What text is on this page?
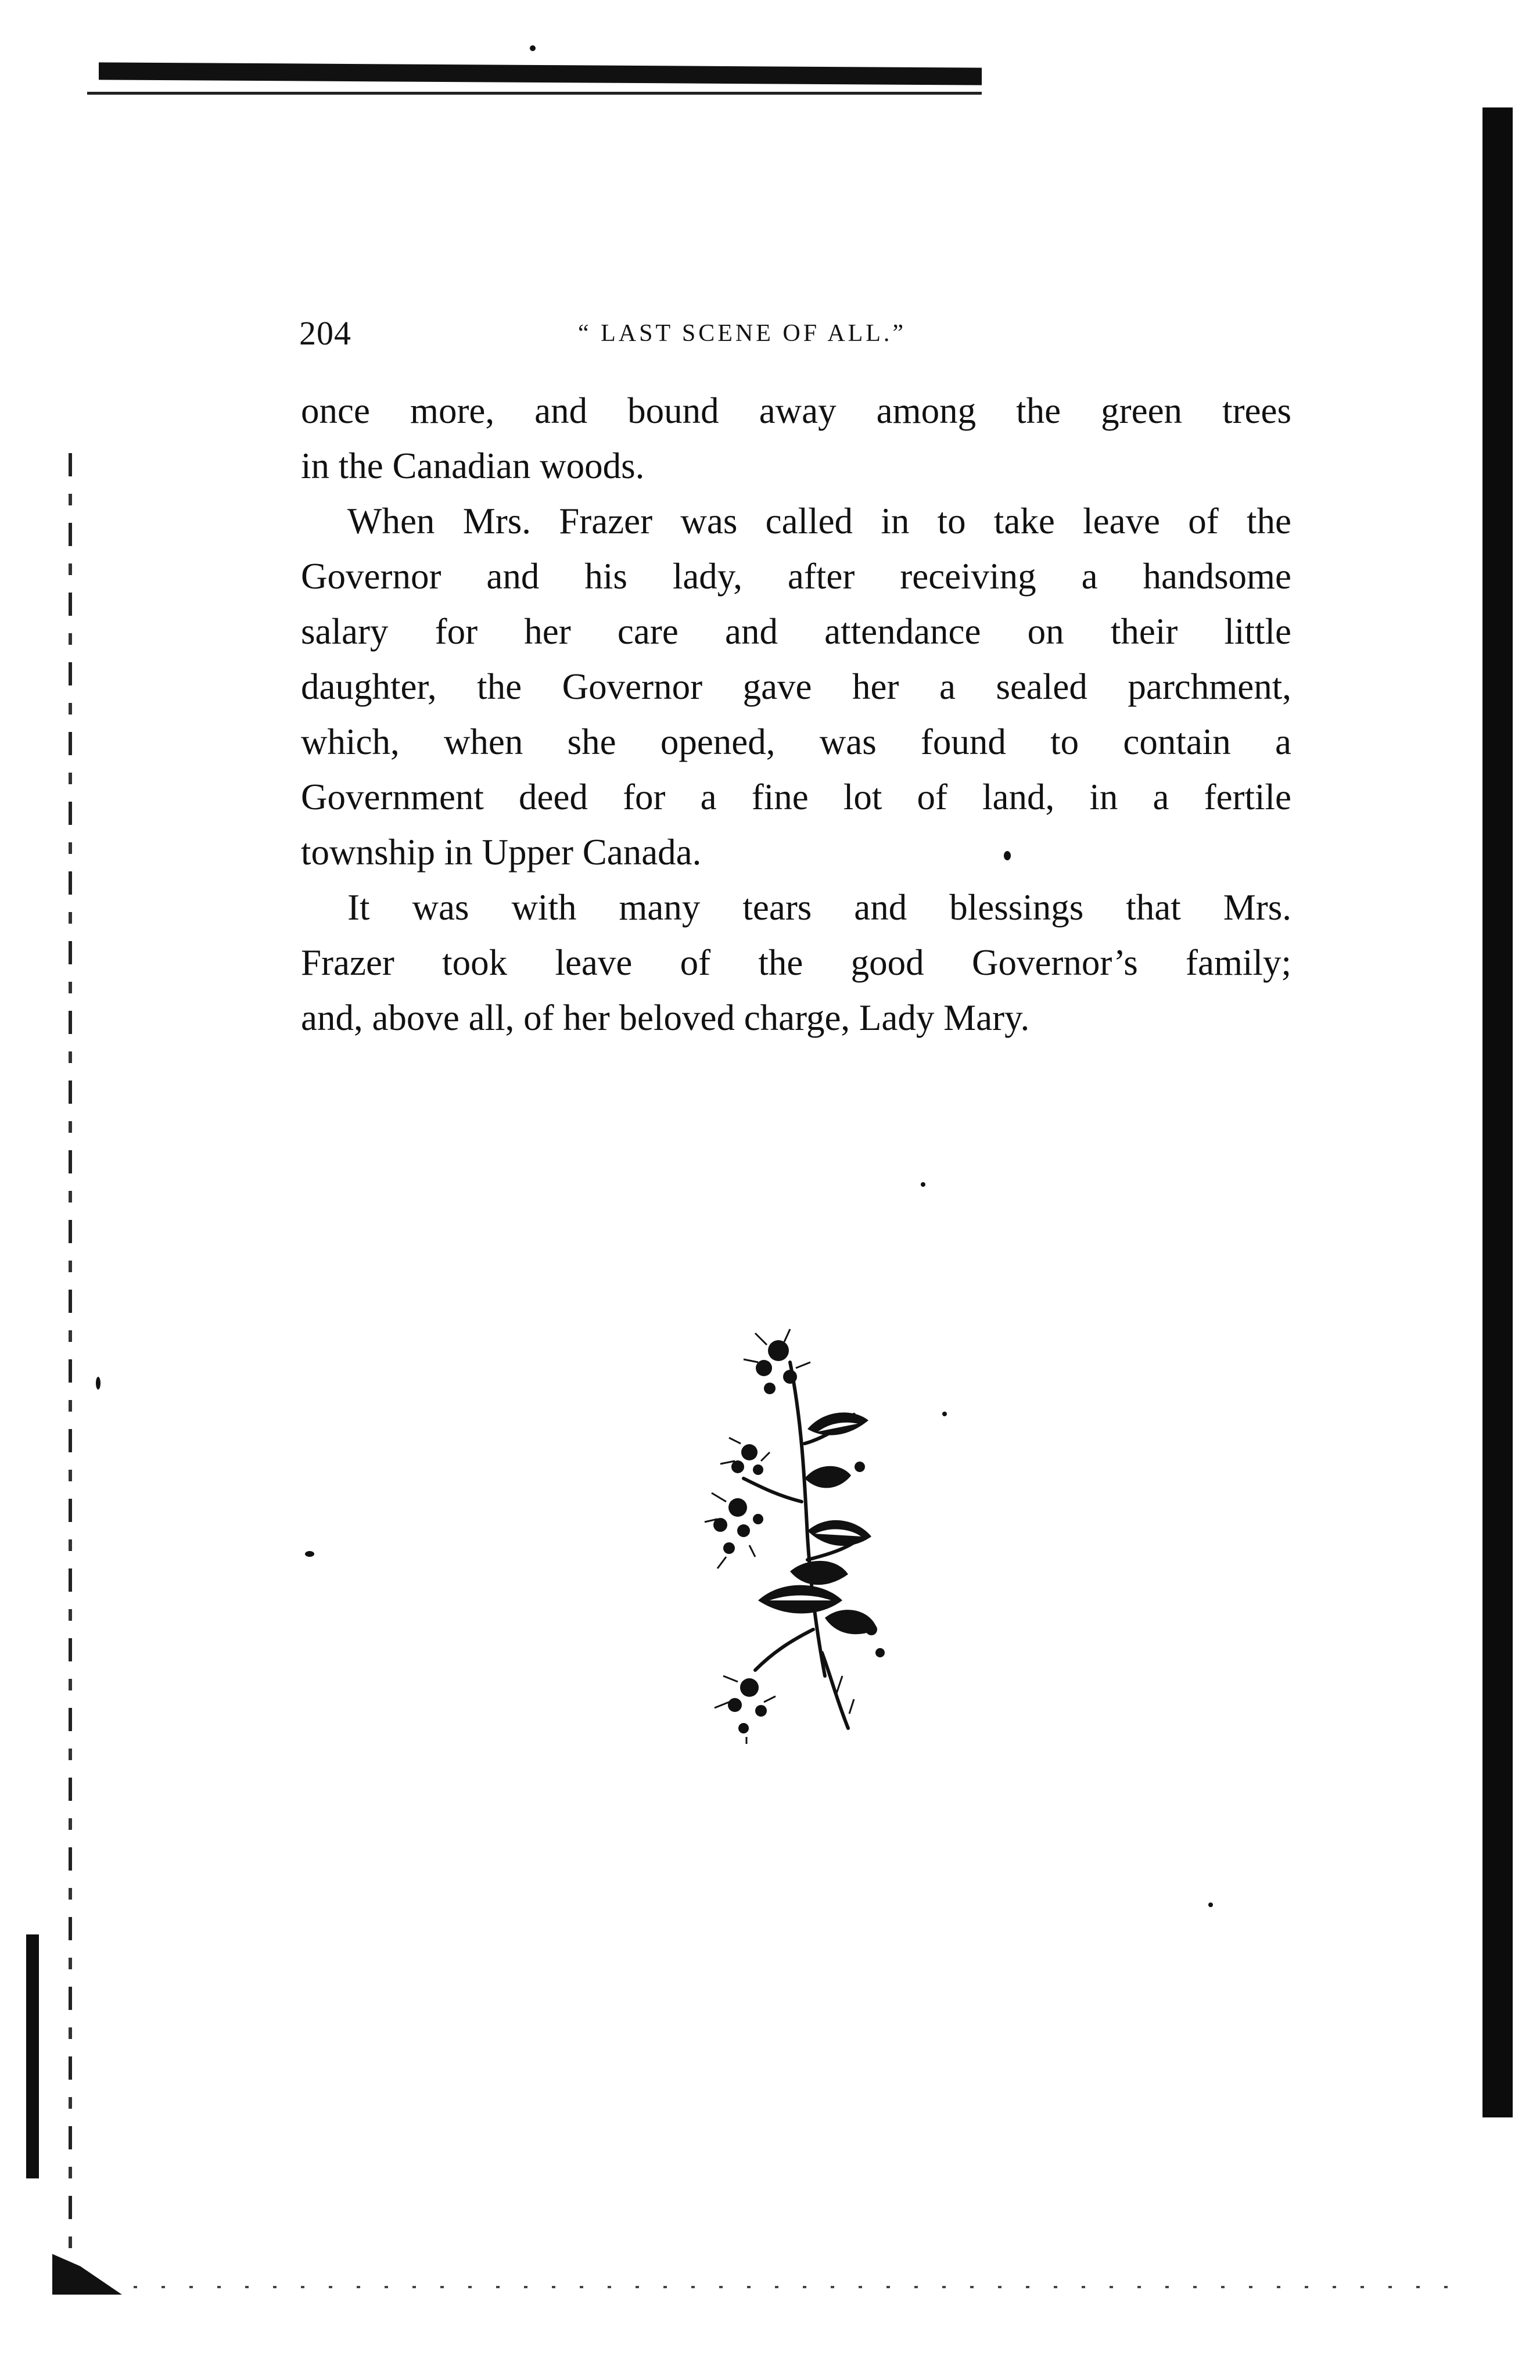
204	“ LAST SCENE OF ALL.”
once more, and bound away among the green trees
in the Canadian woods.
When Mrs. Frazer was called in to take leave of the
Governor and his lady, after receiving a handsome
salary for her care and attendance on their little
daughter, the Governor gave her a sealed parchment,
which, when she opened, was found to contain a
Government deed for a fine lot of land, in a fertile
township in Upper Canada.
It was with many tears and blessings that Mrs.
Frazer took leave of the good Governor’s family;
and, above all, of her beloved charge, Lady Mary.
